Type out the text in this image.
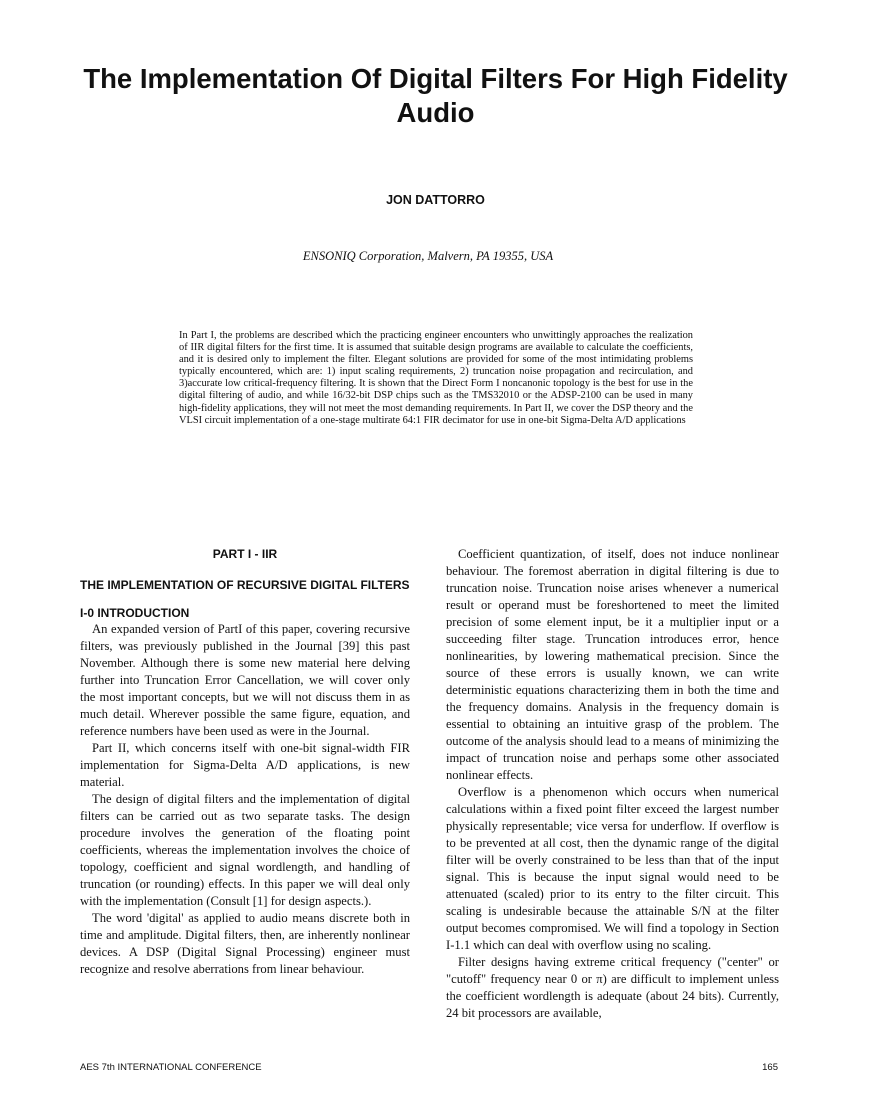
The Implementation Of Digital Filters For High Fidelity Audio
JON DATTORRO
ENSONIQ Corporation, Malvern, PA 19355, USA

In Part I, the problems are described which the practicing engineer encounters who unwittingly approaches the realization of IIR digital filters for the first time. It is assumed that suitable design programs are available to calculate the coefficients, and it is desired only to implement the filter. Elegant solutions are provided for some of the most intimidating problems typically encountered, which are: 1) input scaling requirements, 2) truncation noise propagation and recirculation, and 3)accurate low critical-frequency filtering. It is shown that the Direct Form I noncanonic topology is the best for use in the digital filtering of audio, and while 16/32-bit DSP chips such as the TMS32010 or the ADSP-2100 can be used in many high-fidelity applications, they will not meet the most demanding requirements. In Part II, we cover the DSP theory and the VLSI circuit implementation of a one-stage multirate 64:1 FIR decimator for use in one-bit Sigma-Delta A/D applications

PART I - IIR
THE IMPLEMENTATION OF RECURSIVE DIGITAL FILTERS
I-0 INTRODUCTION

An expanded version of PartI of this paper, covering recursive filters, was previously published in the Journal [39] this past November. Although there is some new material here delving further into Truncation Error Cancellation, we will cover only the most important concepts, but we will not discuss them in as much detail. Wherever possible the same figure, equation, and reference numbers have been used as were in the Journal.

Part II, which concerns itself with one-bit signal-width FIR implementation for Sigma-Delta A/D applications, is new material.

The design of digital filters and the implementation of digital filters can be carried out as two separate tasks. The design procedure involves the generation of the floating point coefficients, whereas the implementation involves the choice of topology, coefficient and signal wordlength, and handling of truncation (or rounding) effects. In this paper we will deal only with the implementation (Consult [1] for design aspects.).

The word 'digital' as applied to audio means discrete both in time and amplitude. Digital filters, then, are inherently nonlinear devices. A DSP (Digital Signal Processing) engineer must recognize and resolve aberrations from linear behaviour.

Coefficient quantization, of itself, does not induce nonlinear behaviour. The foremost aberration in digital filtering is due to truncation noise. Truncation noise arises whenever a numerical result or operand must be foreshortened to meet the limited precision of some element input, be it a multiplier input or a succeeding filter stage. Truncation introduces error, hence nonlinearities, by lowering mathematical precision. Since the source of these errors is usually known, we can write deterministic equations characterizing them in both the time and the frequency domains. Analysis in the frequency domain is essential to obtaining an intuitive grasp of the problem. The outcome of the analysis should lead to a means of minimizing the impact of truncation noise and perhaps some other associated nonlinear effects.

Overflow is a phenomenon which occurs when numerical calculations within a fixed point filter exceed the largest number physically representable; vice versa for underflow. If overflow is to be prevented at all cost, then the dynamic range of the digital filter will be overly constrained to be less than that of the input signal. This is because the input signal would need to be attenuated (scaled) prior to its entry to the filter circuit. This scaling is undesirable because the attainable S/N at the filter output becomes compromised. We will find a topology in Section I-1.1 which can deal with overflow using no scaling.

Filter designs having extreme critical frequency ("center" or "cutoff" frequency near 0 or π) are difficult to implement unless the coefficient wordlength is adequate (about 24 bits). Currently, 24 bit processors are available,

AES 7th INTERNATIONAL CONFERENCE	165
